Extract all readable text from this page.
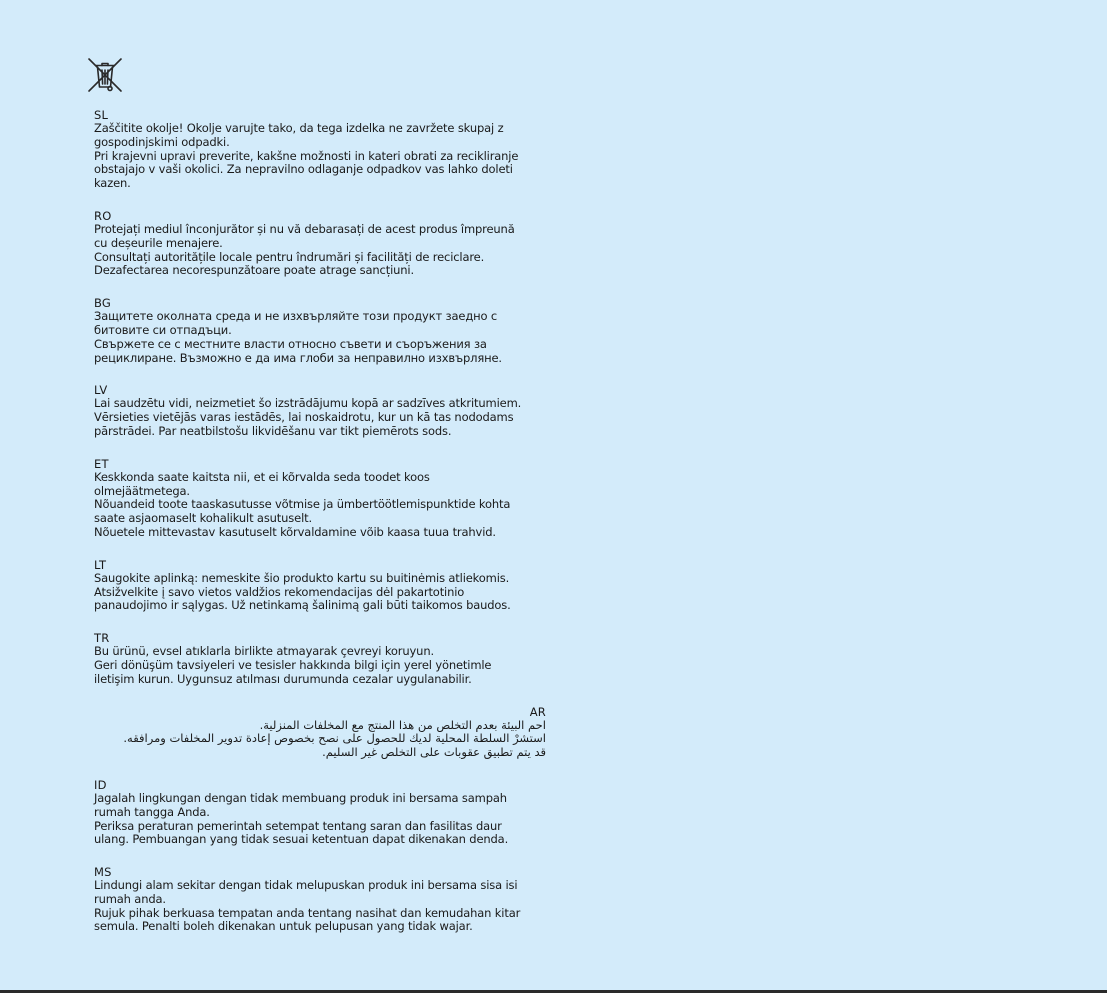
SL
Zaščitite okolje! Okolje varujte tako, da tega izdelka ne zavržete skupaj z
gospodinjskimi odpadki.
Pri krajevni upravi preverite, kakšne možnosti in kateri obrati za recikliranje
obstajajo v vaši okolici. Za nepravilno odlaganje odpadkov vas lahko doleti
kazen.
RO
Protejați mediul înconjurător și nu vă debarasați de acest produs împreună
cu deșeurile menajere.
Consultați autoritățile locale pentru îndrumări și facilități de reciclare.
Dezafectarea necorespunzătoare poate atrage sancțiuni.
BG
Защитете околната среда и не изхвърляйте този продукт заедно с
битовите си отпадъци.
Свържете се с местните власти относно съвети и съоръжения за
рециклиране. Възможно е да има глоби за неправилно изхвърляне.
LV
Lai saudzētu vidi, neizmetiet šo izstrādājumu kopā ar sadzīves atkritumiem.
Vērsieties vietējās varas iestādēs, lai noskaidrotu, kur un kā tas nododams
pārstrādei. Par neatbilstošu likvidēšanu var tikt piemērots sods.
ET
Keskkonda saate kaitsta nii, et ei kõrvalda seda toodet koos
olmejäätmetega.
Nõuandeid toote taaskasutusse võtmise ja ümbertöötlemispunktide kohta
saate asjaomaselt kohalikult asutuselt.
Nõuetele mittevastav kasutuselt kõrvaldamine võib kaasa tuua trahvid.
LT
Saugokite aplinką: nemeskite šio produkto kartu su buitinėmis atliekomis.
Atsižvelkite į savo vietos valdžios rekomendacijas dėl pakartotinio
panaudojimo ir sąlygas. Už netinkamą šalinimą gali būti taikomos baudos.
TR
Bu ürünü, evsel atıklarla birlikte atmayarak çevreyi koruyun.
Geri dönüşüm tavsiyeleri ve tesisler hakkında bilgi için yerel yönetimle
iletişim kurun. Uygunsuz atılması durumunda cezalar uygulanabilir.
AR
احم البيئة بعدم التخلص من هذا المنتج مع المخلفات المنزلية.
استشرْ السلطة المحلية لديك للحصول على نصح بخصوص إعادة تدوير المخلفات ومرافقه.
قد يتم تطبيق عقوبات على التخلص غير السليم.
ID
Jagalah lingkungan dengan tidak membuang produk ini bersama sampah
rumah tangga Anda.
Periksa peraturan pemerintah setempat tentang saran dan fasilitas daur
ulang. Pembuangan yang tidak sesuai ketentuan dapat dikenakan denda.
MS
Lindungi alam sekitar dengan tidak melupuskan produk ini bersama sisa isi
rumah anda.
Rujuk pihak berkuasa tempatan anda tentang nasihat dan kemudahan kitar
semula. Penalti boleh dikenakan untuk pelupusan yang tidak wajar.
